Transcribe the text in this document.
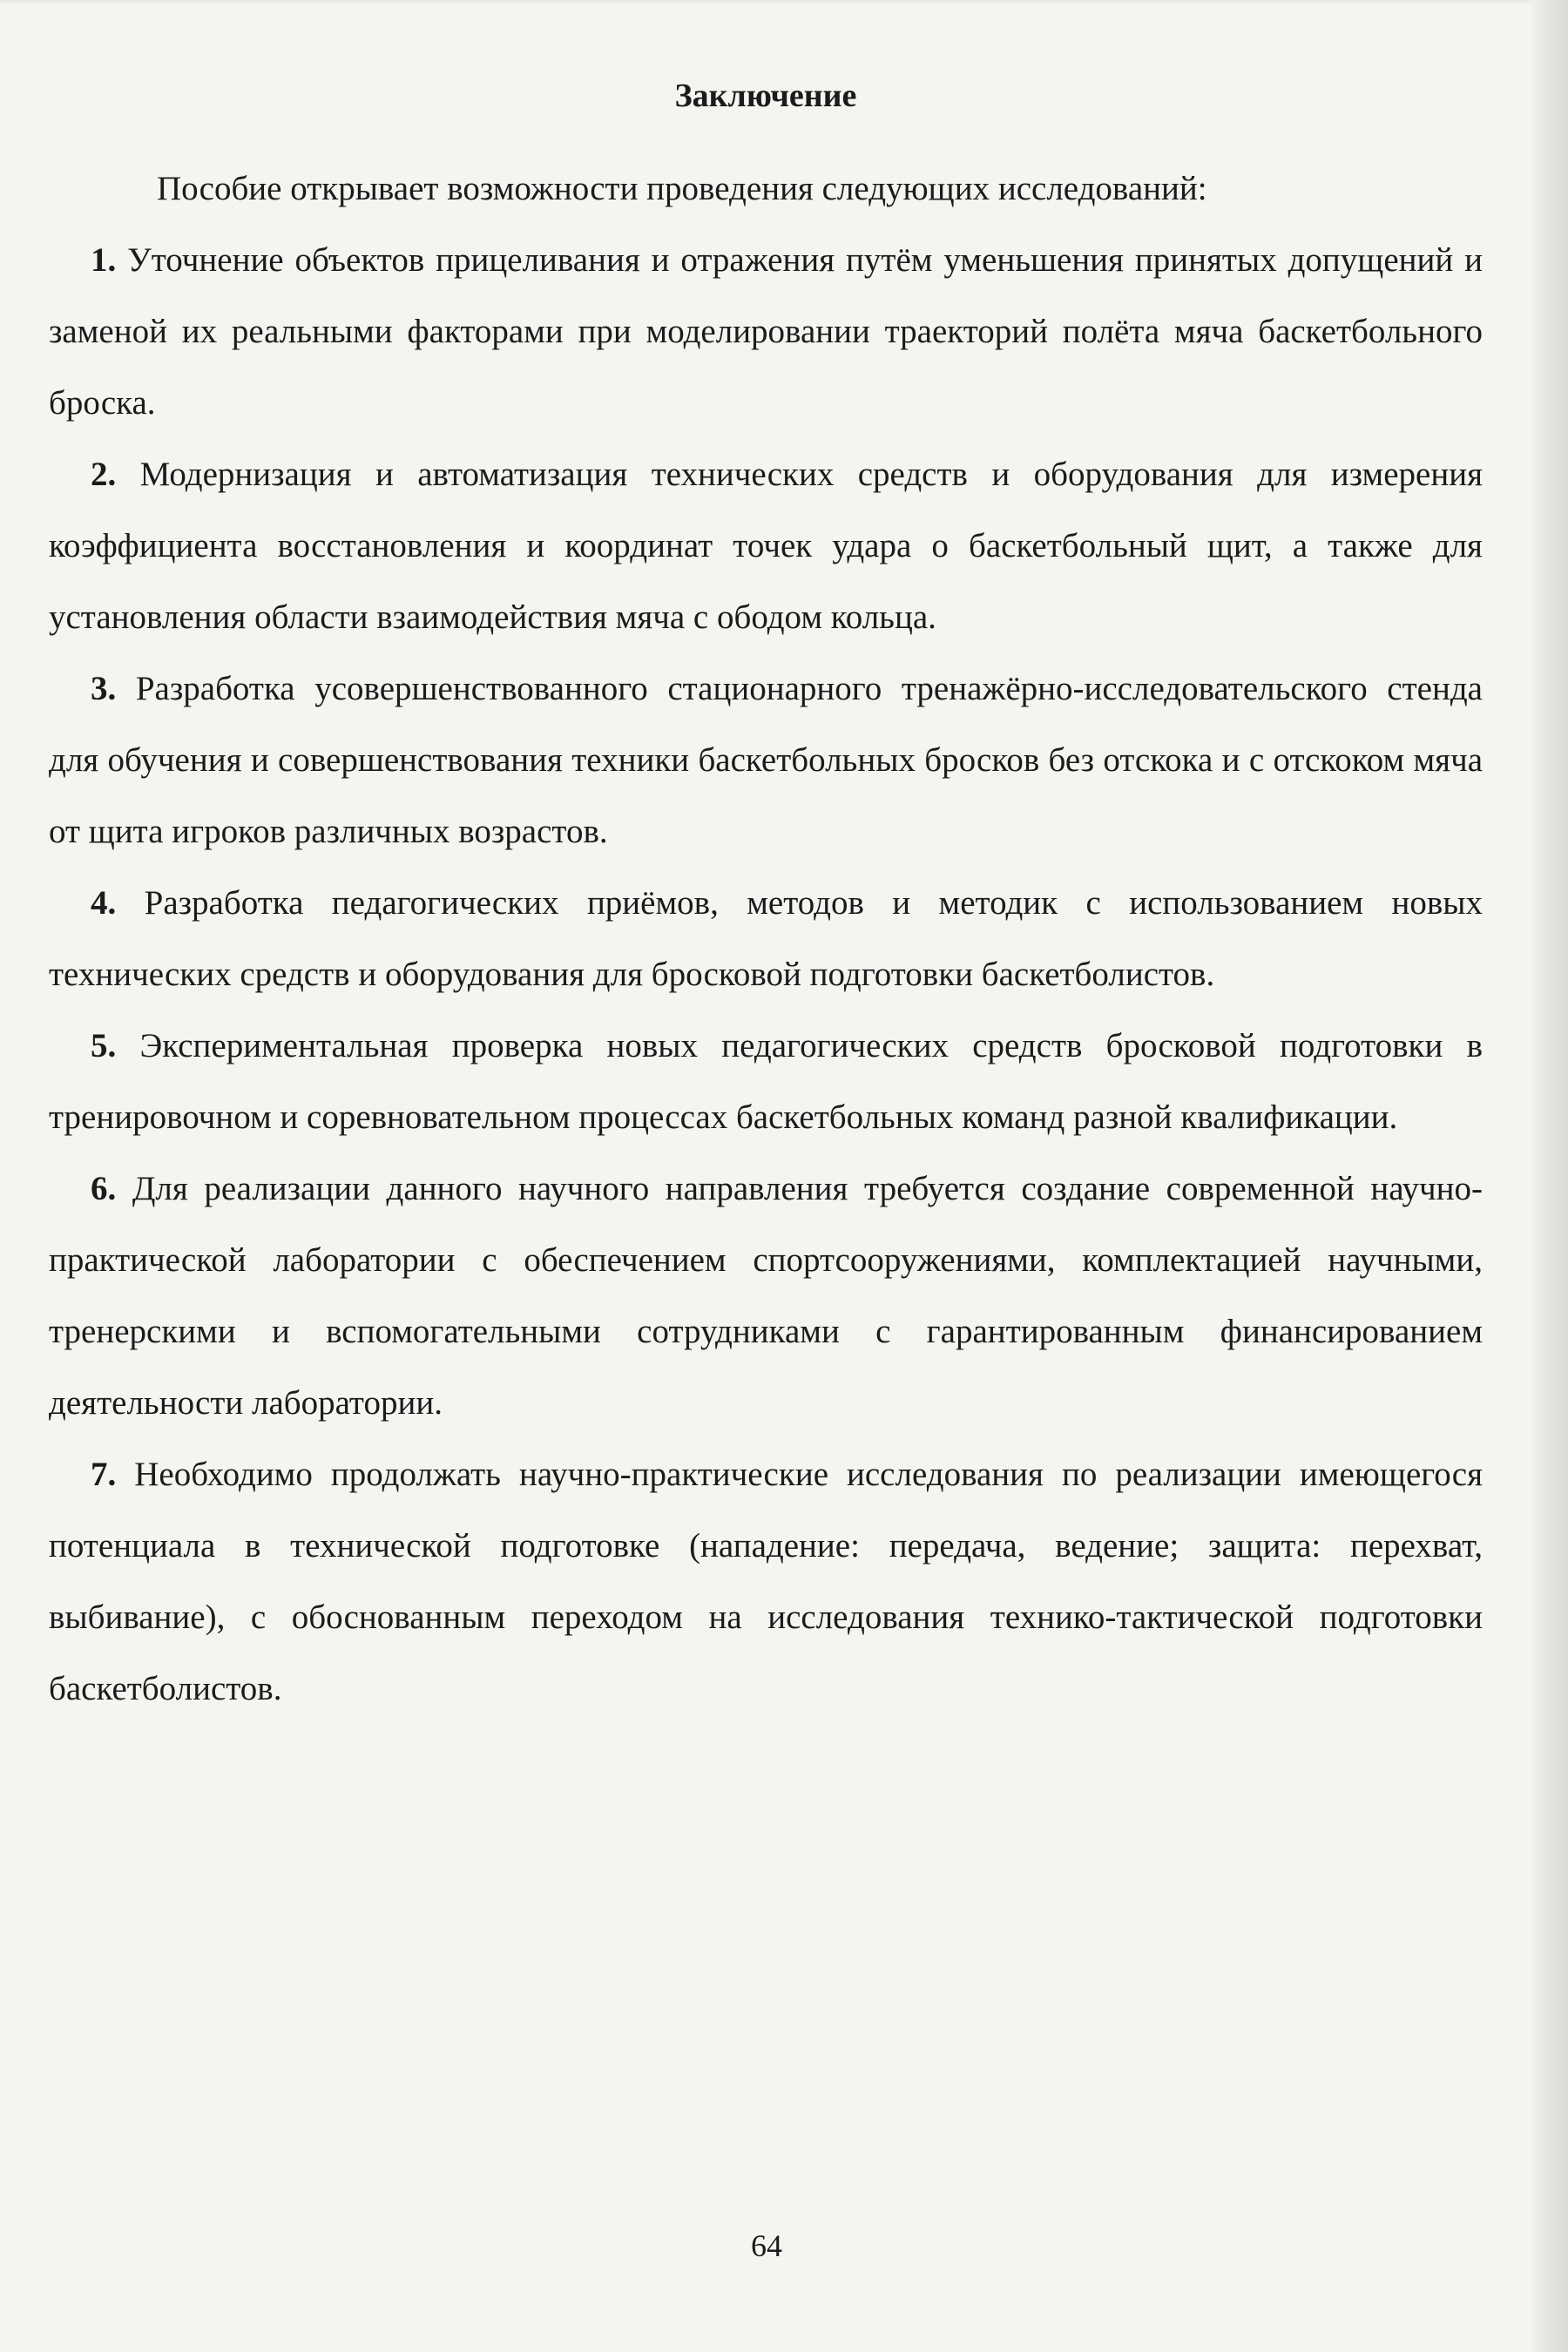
Заключение

Пособие открывает возможности проведения следующих исследований:

1. Уточнение объектов прицеливания и отражения путём уменьшения принятых допущений и заменой их реальными факторами при моделировании траекторий полёта мяча баскетбольного броска.

2. Модернизация и автоматизация технических средств и оборудования для измерения коэффициента восстановления и координат точек удара о баскетбольный щит, а также для установления области взаимодействия мяча с ободом кольца.

3. Разработка усовершенствованного стационарного тренажёрно-исследовательского стенда для обучения и совершенствования техники баскетбольных бросков без отскока и с отскоком мяча от щита игроков различных возрастов.

4. Разработка педагогических приёмов, методов и методик с использованием новых технических средств и оборудования для бросковой подготовки баскетболистов.

5. Экспериментальная проверка новых педагогических средств бросковой подготовки в тренировочном и соревновательном процессах баскетбольных команд разной квалификации.

6. Для реализации данного научного направления требуется создание современной научно-практической лаборатории с обеспечением спортсооружениями, комплектацией научными, тренерскими и вспомогательными сотрудниками с гарантированным финансированием деятельности лаборатории.

7. Необходимо продолжать научно-практические исследования по реализации имеющегося потенциала в технической подготовке (нападение: передача, ведение; защита: перехват, выбивание), с обоснованным переходом на исследования технико-тактической подготовки баскетболистов.

64
